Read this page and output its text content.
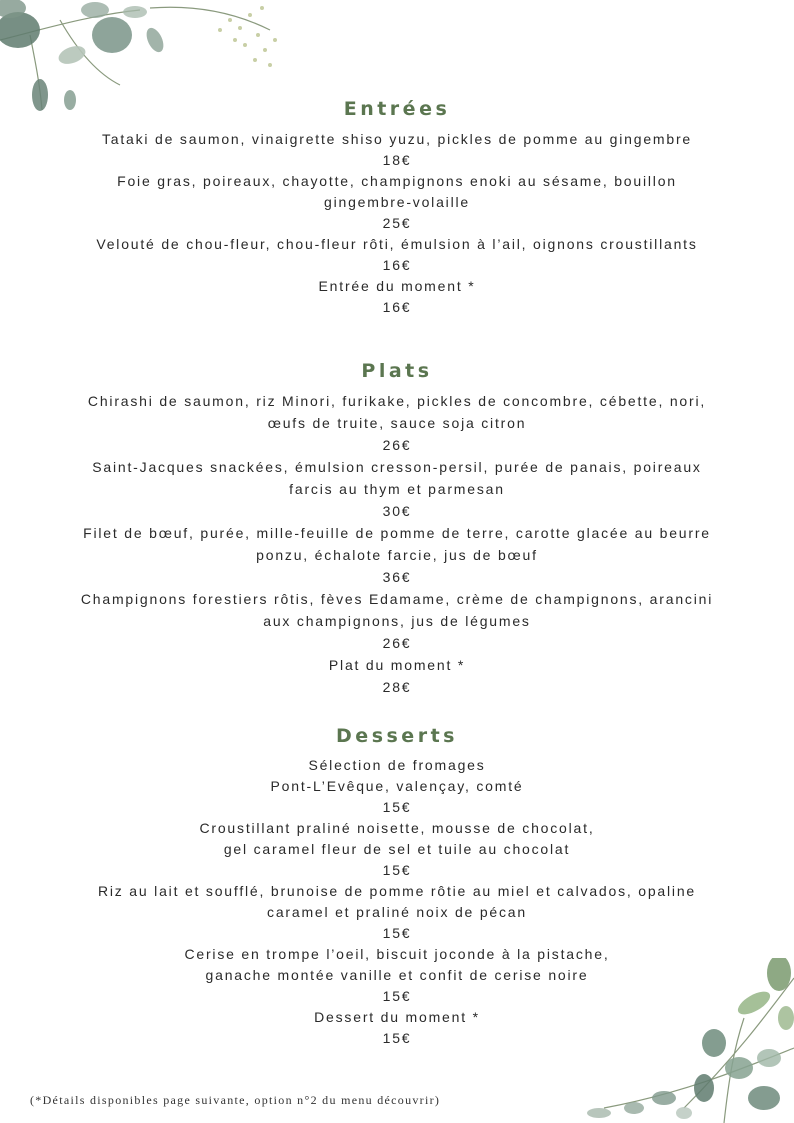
Entrées
Tataki de saumon, vinaigrette shiso yuzu, pickles de pomme au gingembre
18€
Foie gras, poireaux, chayotte, champignons enoki au sésame, bouillon
gingembre-volaille
25€
Velouté de chou-fleur, chou-fleur rôti, émulsion à l’ail, oignons croustillants
16€
Entrée du moment *
16€
Plats
Chirashi de saumon, riz Minori, furikake, pickles de concombre, cébette, nori,
œufs de truite, sauce soja citron
26€
Saint-Jacques snackées, émulsion cresson-persil, purée de panais, poireaux
farcis au thym et parmesan
30€
Filet de bœuf, purée, mille-feuille de pomme de terre, carotte glacée au beurre
ponzu, échalote farcie, jus de bœuf
36€
Champignons forestiers rôtis, fèves Edamame, crème de champignons, arancini
aux champignons, jus de légumes
26€
Plat du moment *
28€
Desserts
Sélection de fromages
Pont-L’Evêque, valençay, comté
15€
Croustillant praliné noisette, mousse de chocolat,
gel caramel fleur de sel et tuile au chocolat
15€
Riz au lait et soufflé, brunoise de pomme rôtie au miel et calvados, opaline
caramel et praliné noix de pécan
15€
Cerise en trompe l’oeil, biscuit joconde à la pistache,
ganache montée vanille et confit de cerise noire
15€
Dessert du moment *
15€
(*Détails disponibles page suivante, option n°2 du menu découvrir)
